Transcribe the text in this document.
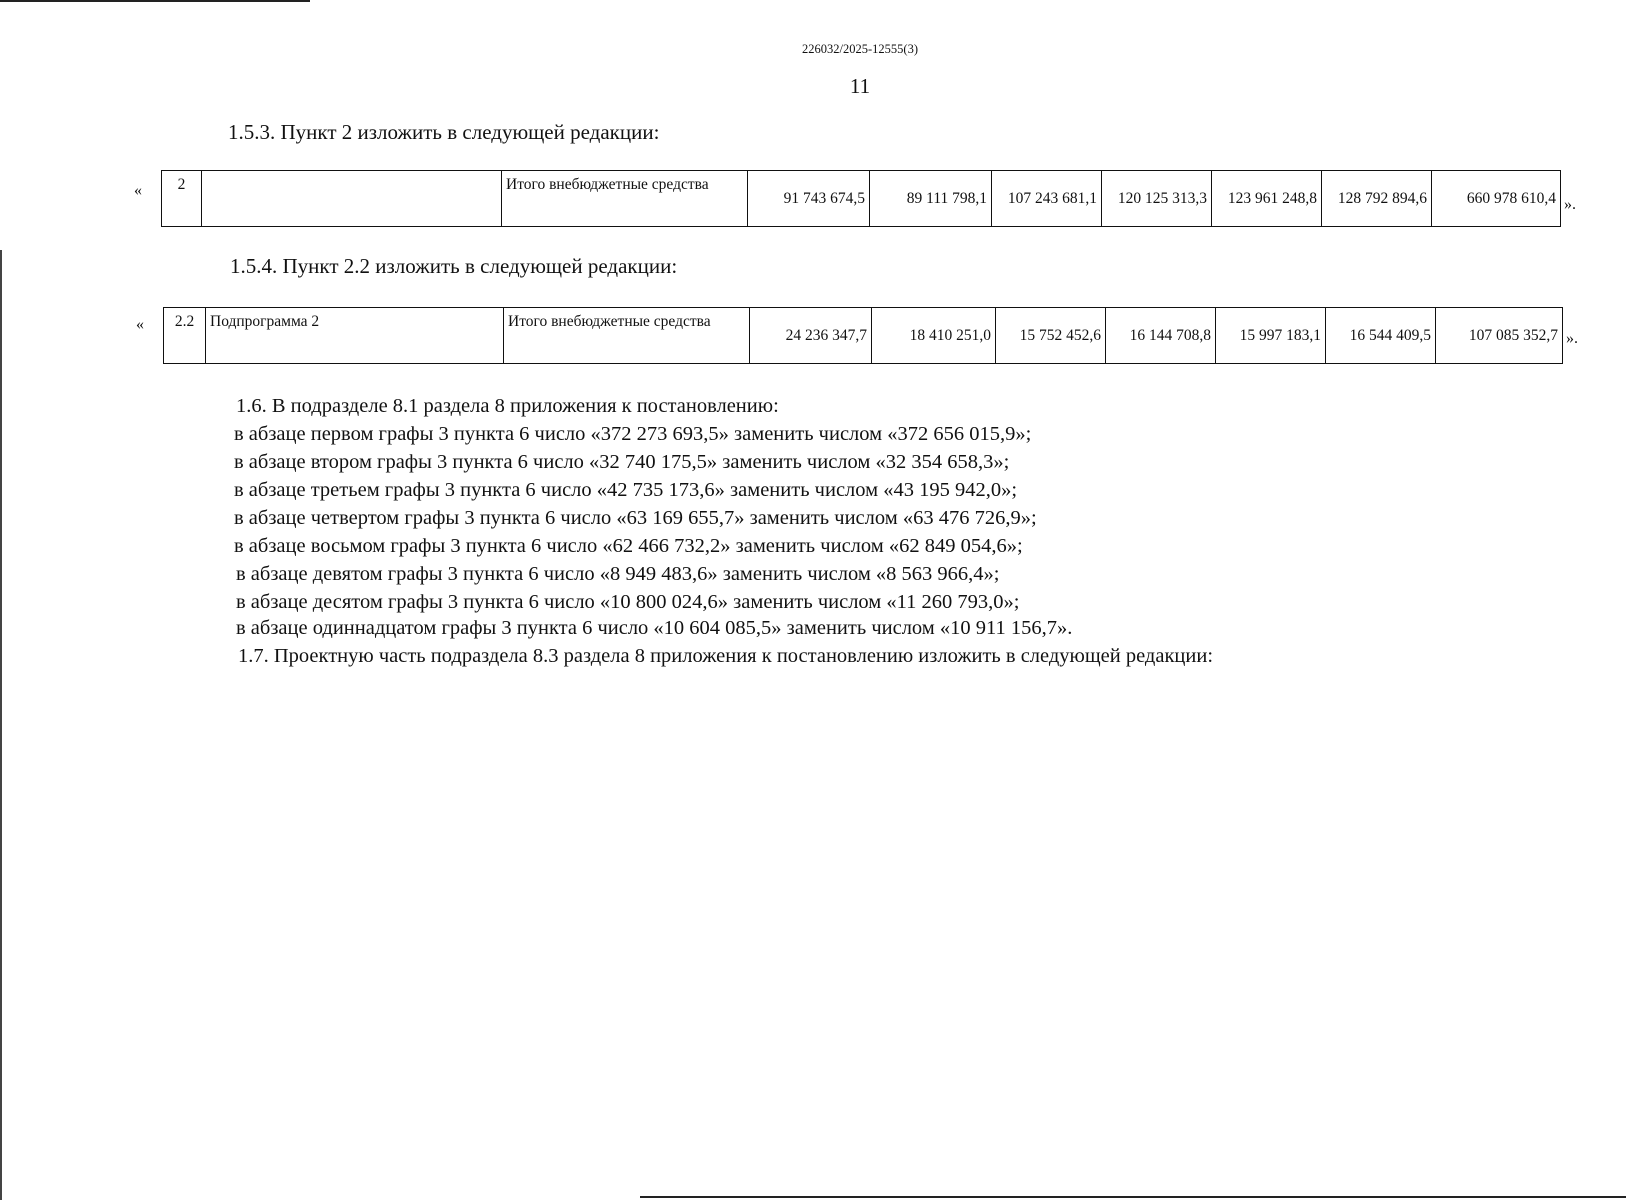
226032/2025-12555(3)
11
1.5.3. Пункт 2 изложить в следующей редакции:
« 2		Итого внебюджетные средства	91 743 674,5	89 111 798,1	107 243 681,1	120 125 313,3	123 961 248,8	128 792 894,6	660 978 610,4 ».
1.5.4. Пункт 2.2 изложить в следующей редакции:
« 2.2	Подпрограмма 2	Итого внебюджетные средства	24 236 347,7	18 410 251,0	15 752 452,6	16 144 708,8	15 997 183,1	16 544 409,5	107 085 352,7 ».
1.6. В подразделе 8.1 раздела 8 приложения к постановлению:
в абзаце первом графы 3 пункта 6 число «372 273 693,5» заменить числом «372 656 015,9»;
в абзаце втором графы 3 пункта 6 число «32 740 175,5» заменить числом «32 354 658,3»;
в абзаце третьем графы 3 пункта 6 число «42 735 173,6» заменить числом «43 195 942,0»;
в абзаце четвертом графы 3 пункта 6 число «63 169 655,7» заменить числом «63 476 726,9»;
в абзаце восьмом графы 3 пункта 6 число «62 466 732,2» заменить числом «62 849 054,6»;
в абзаце девятом графы 3 пункта 6 число «8 949 483,6» заменить числом «8 563 966,4»;
в абзаце десятом графы 3 пункта 6 число «10 800 024,6» заменить числом «11 260 793,0»;
в абзаце одиннадцатом графы 3 пункта 6 число «10 604 085,5» заменить числом «10 911 156,7».
1.7. Проектную часть подраздела 8.3 раздела 8 приложения к постановлению изложить в следующей редакции:
